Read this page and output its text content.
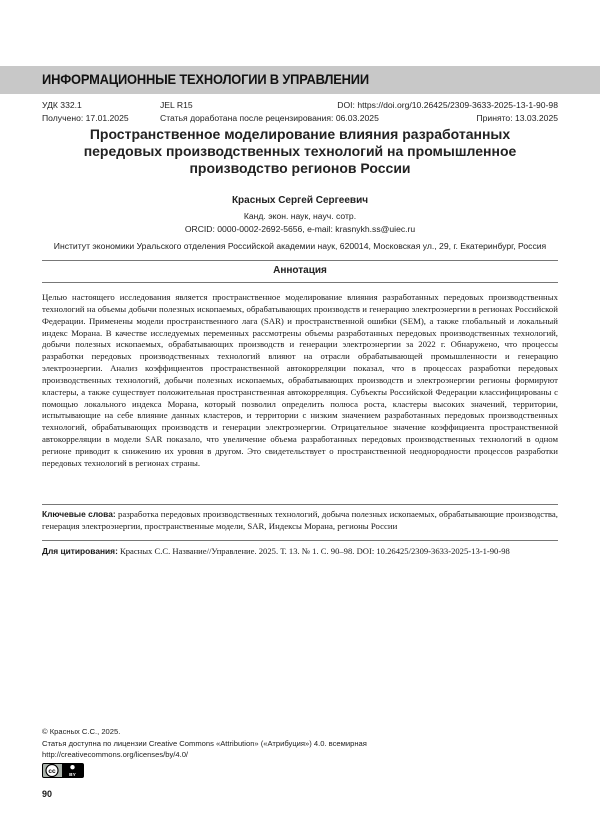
ИНФОРМАЦИОННЫЕ ТЕХНОЛОГИИ В УПРАВЛЕНИИ
УДК 332.1	JEL R15	DOI: https://doi.org/10.26425/2309-3633-2025-13-1-90-98
Получено: 17.01.2025	Статья доработана после рецензирования: 06.03.2025	Принято: 13.03.2025
Пространственное моделирование влияния разработанных передовых производственных технологий на промышленное производство регионов России
Красных Сергей Сергеевич
Канд. экон. наук, науч. сотр.
ORCID: 0000-0002-2692-5656, e-mail: krasnykh.ss@uiec.ru
Институт экономики Уральского отделения Российской академии наук, 620014, Московская ул., 29, г. Екатеринбург, Россия
Аннотация
Целью настоящего исследования является пространственное моделирование влияния разработанных передовых производственных технологий на объемы добычи полезных ископаемых, обрабатывающих производств и генерацию электроэнергии в регионах Российской Федерации. Применены модели пространственного лага (SAR) и пространственной ошибки (SEM), а также глобальный и локальный индекс Морана. В качестве исследуемых переменных рассмотрены объемы разработанных передовых производственных технологий, добычи полезных ископаемых, обрабатывающих производств и генерации электроэнергии за 2022 г. Обнаружено, что процессы разработки передовых производственных технологий влияют на отрасли обрабатывающей промышленности и генерацию электроэнергии. Анализ коэффициентов пространственной автокорреляции показал, что в процессах разработки передовых производственных технологий, добычи полезных ископаемых, обрабатывающих производств и электроэнергии регионы формируют кластеры, а также существует положительная пространственная автокорреляция. Субъекты Российской Федерации классифицированы с помощью локального индекса Морана, который позволил определить полюса роста, кластеры высоких значений, территории, испытывающие на себе влияние данных кластеров, и территории с низким значением разработанных передовых производственных технологий, обрабатывающих производств и генерации электроэнергии. Отрицательное значение коэффициента пространственной автокорреляции в модели SAR показало, что увеличение объема разработанных передовых производственных технологий в одном регионе приводит к снижению их уровня в другом. Это свидетельствует о пространственной неоднородности процессов разработки передовых технологий в регионах страны.
Ключевые слова: разработка передовых производственных технологий, добыча полезных ископаемых, обрабатывающие производства, генерация электроэнергии, пространственные модели, SAR, Индексы Морана, регионы России
Для цитирования: Красных С.С. Название//Управление. 2025. Т. 13. № 1. С. 90–98. DOI: 10.26425/2309-3633-2025-13-1-90-98
© Красных С.С., 2025.
Статья доступна по лицензии Creative Commons «Attribution» («Атрибуция») 4.0. всемирная
http://creativecommons.org/licenses/by/4.0/
cc
BY
90
